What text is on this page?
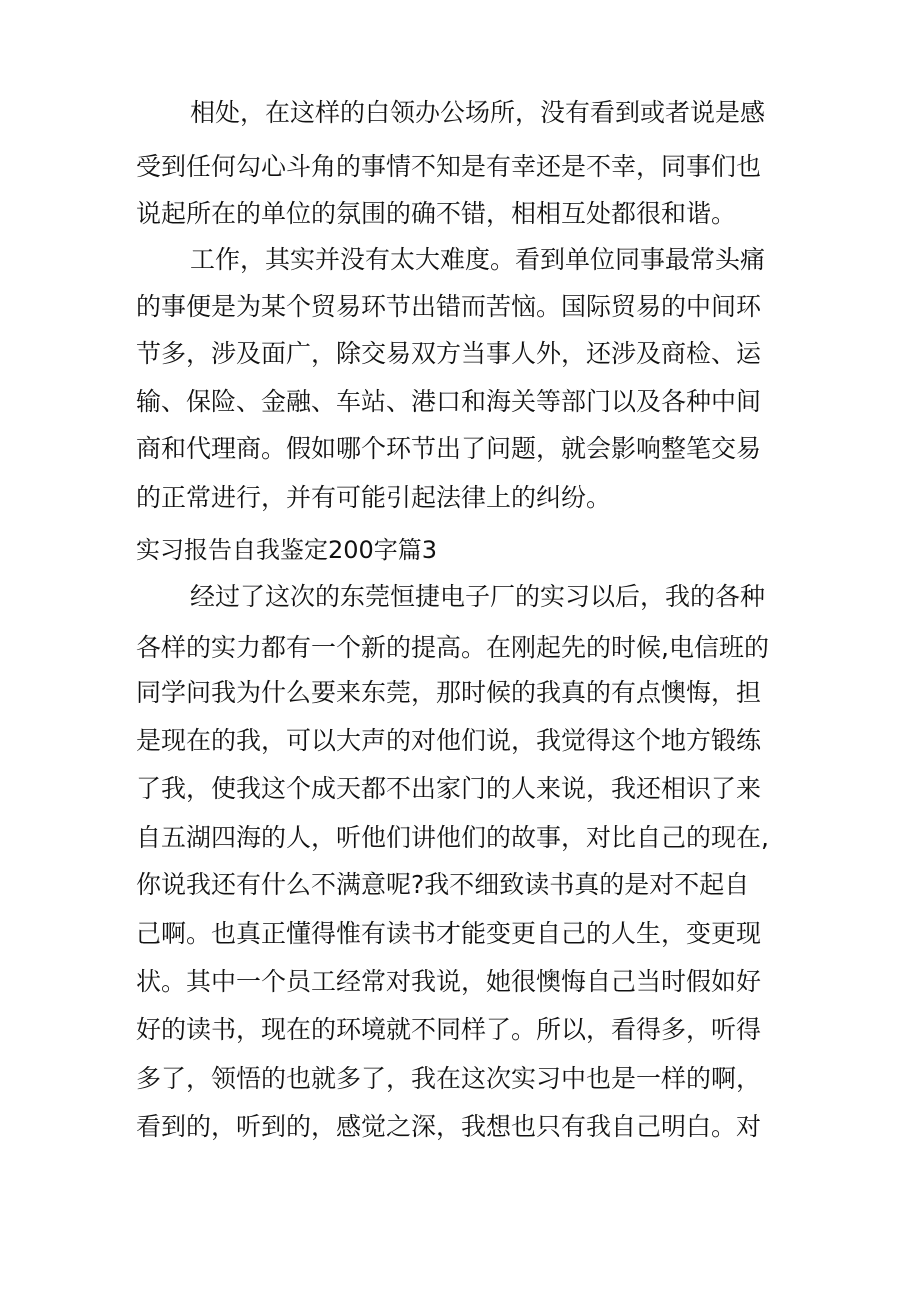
相处，在这样的白领办公场所，没有看到或者说是感
受到任何勾心斗角的事情不知是有幸还是不幸，同事们也
说起所在的单位的氛围的确不错，相相互处都很和谐。
工作，其实并没有太大难度。看到单位同事最常头痛
的事便是为某个贸易环节出错而苦恼。国际贸易的中间环
节多，涉及面广，除交易双方当事人外，还涉及商检、运
输、保险、金融、车站、港口和海关等部门以及各种中间
商和代理商。假如哪个环节出了问题，就会影响整笔交易
的正常进行，并有可能引起法律上的纠纷。
实习报告自我鉴定200字篇3
经过了这次的东莞恒捷电子厂的实习以后，我的各种
各样的实力都有一个新的提高。在刚起先的时候,电信班的
同学问我为什么要来东莞，那时候的我真的有点懊悔，担
是现在的我，可以大声的对他们说，我觉得这个地方锻练
了我，使我这个成天都不出家门的人来说，我还相识了来
自五湖四海的人，听他们讲他们的故事，对比自己的现在,
你说我还有什么不满意呢?我不细致读书真的是对不起自
己啊。也真正懂得惟有读书才能变更自己的人生，变更现
状。其中一个员工经常对我说，她很懊悔自己当时假如好
好的读书，现在的环境就不同样了。所以，看得多，听得
多了，领悟的也就多了，我在这次实习中也是一样的啊，
看到的，听到的，感觉之深，我想也只有我自己明白。对
